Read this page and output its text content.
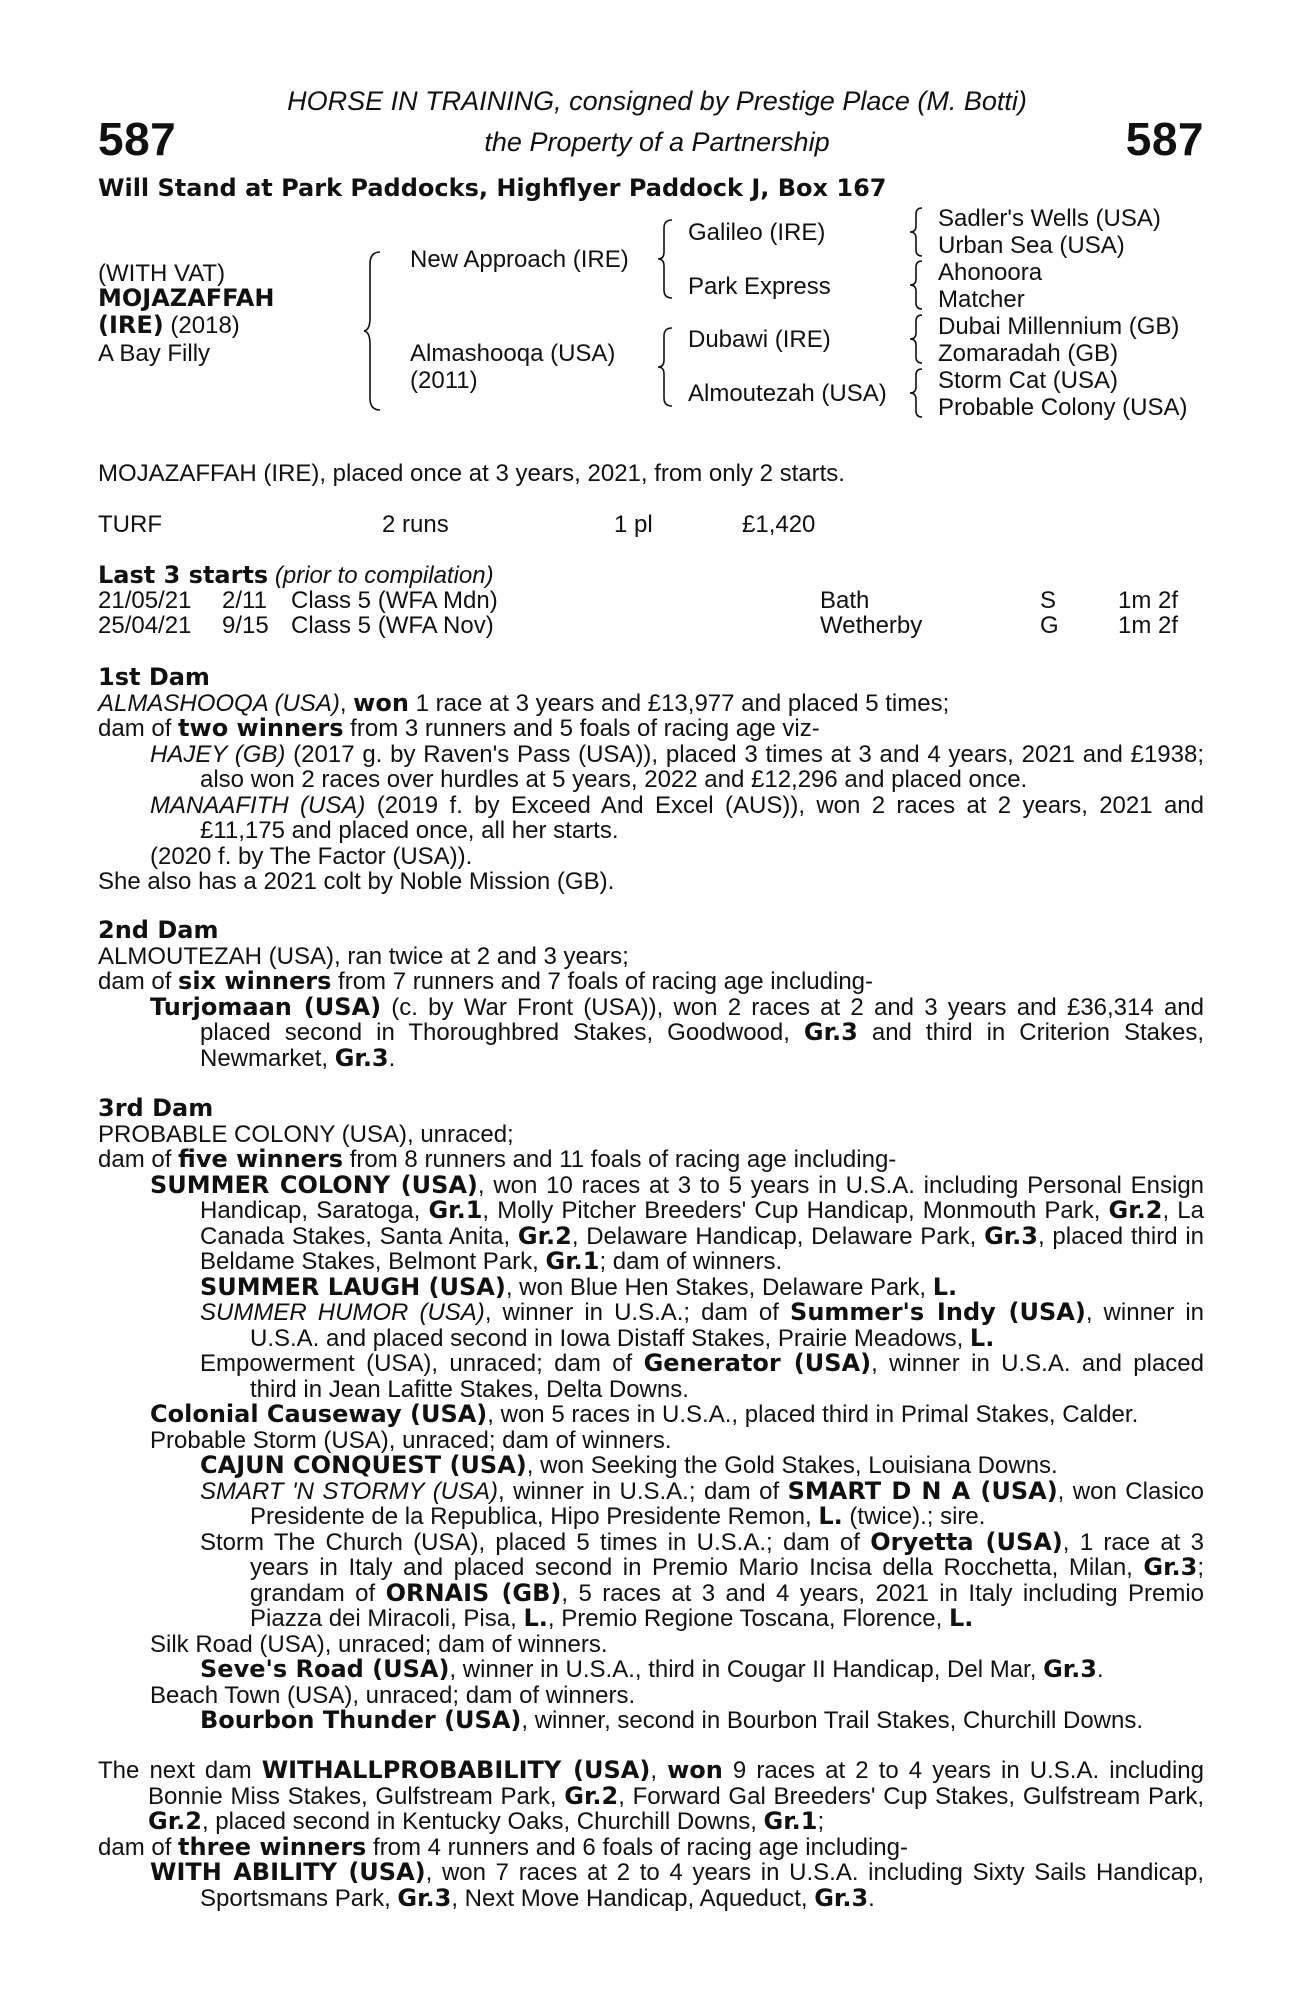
587	587
HORSE IN TRAINING, consigned by Prestige Place (M. Botti)
the Property of a Partnership
Will Stand at Park Paddocks, Highflyer Paddock J, Box 167
(WITH VAT)
MOJAZAFFAH
(IRE) (2018)
A Bay Filly
New Approach (IRE)
Almashooqa (USA)
(2011)
Galileo (IRE)
Park Express
Dubawi (IRE)
Almoutezah (USA)
Sadler's Wells (USA)
Urban Sea (USA)
Ahonoora
Matcher
Dubai Millennium (GB)
Zomaradah (GB)
Storm Cat (USA)
Probable Colony (USA)
MOJAZAFFAH (IRE), placed once at 3 years, 2021, from only 2 starts.
TURF	2 runs	1 pl	£1,420
Last 3 starts (prior to compilation)
21/05/21 2/11 Class 5 (WFA Mdn)	Bath	S	1m 2f
25/04/21 9/15 Class 5 (WFA Nov)	Wetherby	G 1m 2f

1st Dam

ALMASHOOQA (USA), won 1 race at 3 years and £13,977 and placed 5 times;

dam of two winners from 3 runners and 5 foals of racing age viz-

HAJEY (GB) (2017 g. by Raven's Pass (USA)), placed 3 times at 3 and 4 years, 2021 and £1938; also won 2 races over hurdles at 5 years, 2022 and £12,296 and placed once.

MANAAFITH (USA) (2019 f. by Exceed And Excel (AUS)), won 2 races at 2 years, 2021 and £11,175 and placed once, all her starts.

(2020 f. by The Factor (USA)).

She also has a 2021 colt by Noble Mission (GB).

2nd Dam

ALMOUTEZAH (USA), ran twice at 2 and 3 years;

dam of six winners from 7 runners and 7 foals of racing age including-

Turjomaan (USA) (c. by War Front (USA)), won 2 races at 2 and 3 years and £36,314 and placed second in Thoroughbred Stakes, Goodwood, Gr.3 and third in Criterion Stakes, Newmarket, Gr.3.

3rd Dam

PROBABLE COLONY (USA), unraced;

dam of five winners from 8 runners and 11 foals of racing age including-

SUMMER COLONY (USA), won 10 races at 3 to 5 years in U.S.A. including Personal Ensign Handicap, Saratoga, Gr.1, Molly Pitcher Breeders' Cup Handicap, Monmouth Park, Gr.2, La Canada Stakes, Santa Anita, Gr.2, Delaware Handicap, Delaware Park, Gr.3, placed third in Beldame Stakes, Belmont Park, Gr.1; dam of winners.

SUMMER LAUGH (USA), won Blue Hen Stakes, Delaware Park, L.

SUMMER HUMOR (USA), winner in U.S.A.; dam of Summer's Indy (USA), winner in U.S.A. and placed second in Iowa Distaff Stakes, Prairie Meadows, L.

Empowerment (USA), unraced; dam of Generator (USA), winner in U.S.A. and placed third in Jean Lafitte Stakes, Delta Downs.

Colonial Causeway (USA), won 5 races in U.S.A., placed third in Primal Stakes, Calder.

Probable Storm (USA), unraced; dam of winners.

CAJUN CONQUEST (USA), won Seeking the Gold Stakes, Louisiana Downs.

SMART 'N STORMY (USA), winner in U.S.A.; dam of SMART D N A (USA), won Clasico Presidente de la Republica, Hipo Presidente Remon, L. (twice).; sire.

Storm The Church (USA), placed 5 times in U.S.A.; dam of Oryetta (USA), 1 race at 3 years in Italy and placed second in Premio Mario Incisa della Rocchetta, Milan, Gr.3; grandam of ORNAIS (GB), 5 races at 3 and 4 years, 2021 in Italy including Premio Piazza dei Miracoli, Pisa, L., Premio Regione Toscana, Florence, L.

Silk Road (USA), unraced; dam of winners.

Seve's Road (USA), winner in U.S.A., third in Cougar II Handicap, Del Mar, Gr.3.

Beach Town (USA), unraced; dam of winners.

Bourbon Thunder (USA), winner, second in Bourbon Trail Stakes, Churchill Downs.

The next dam WITHALLPROBABILITY (USA), won 9 races at 2 to 4 years in U.S.A. including Bonnie Miss Stakes, Gulfstream Park, Gr.2, Forward Gal Breeders' Cup Stakes, Gulfstream Park, Gr.2, placed second in Kentucky Oaks, Churchill Downs, Gr.1;

dam of three winners from 4 runners and 6 foals of racing age including-

WITH ABILITY (USA), won 7 races at 2 to 4 years in U.S.A. including Sixty Sails Handicap, Sportsmans Park, Gr.3, Next Move Handicap, Aqueduct, Gr.3.
